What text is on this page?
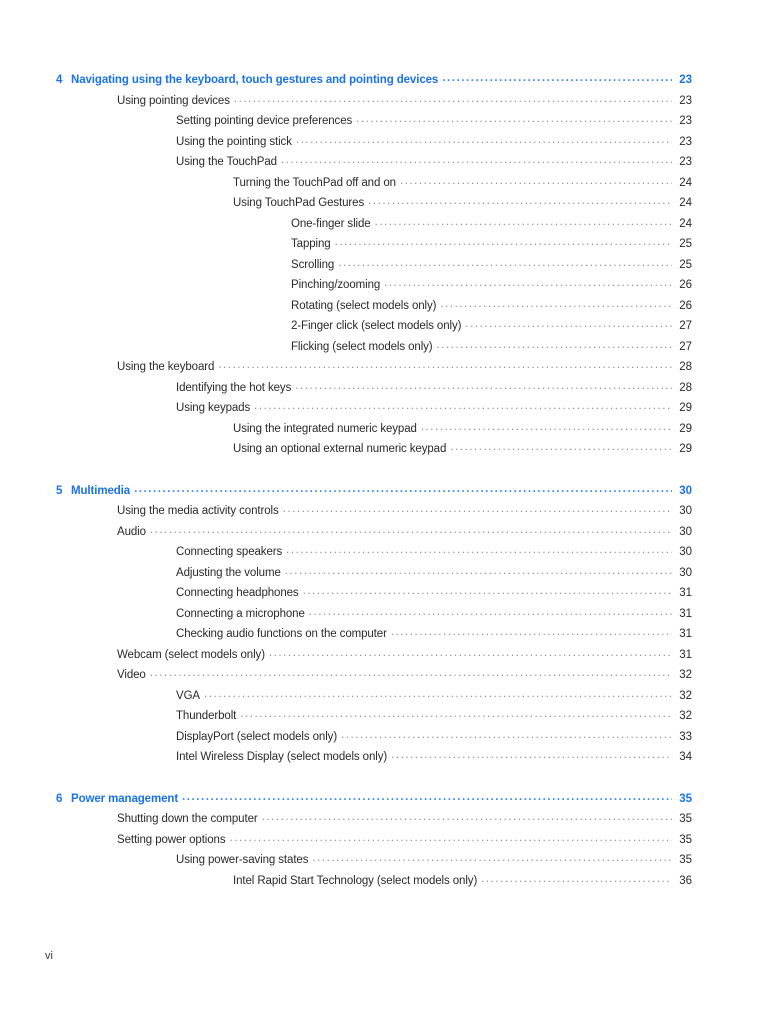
4 Navigating using the keyboard, touch gestures and pointing devices .....	23
Using pointing devices .....	23
Setting pointing device preferences .....	23
Using the pointing stick .....	23
Using the TouchPad .....	23
Turning the TouchPad off and on .....	24
Using TouchPad Gestures .....	24
One-finger slide .....	24
Tapping .....	25
Scrolling .....	25
Pinching/zooming .....	26
Rotating (select models only) .....	26
2-Finger click (select models only) .....	27
Flicking (select models only) .....	27
Using the keyboard .....	28
Identifying the hot keys .....	28
Using keypads .....	29
Using the integrated numeric keypad .....	29
Using an optional external numeric keypad .....	29
5 Multimedia .....	30
Using the media activity controls .....	30
Audio .....	30
Connecting speakers .....	30
Adjusting the volume .....	30
Connecting headphones .....	31
Connecting a microphone .....	31
Checking audio functions on the computer .....	31
Webcam (select models only) .....	31
Video .....	32
VGA .....	32
Thunderbolt .....	32
DisplayPort (select models only) .....	33
Intel Wireless Display (select models only) .....	34
6 Power management .....	35
Shutting down the computer .....	35
Setting power options .....	35
Using power-saving states .....	35
Intel Rapid Start Technology (select models only) .....	36
vi
